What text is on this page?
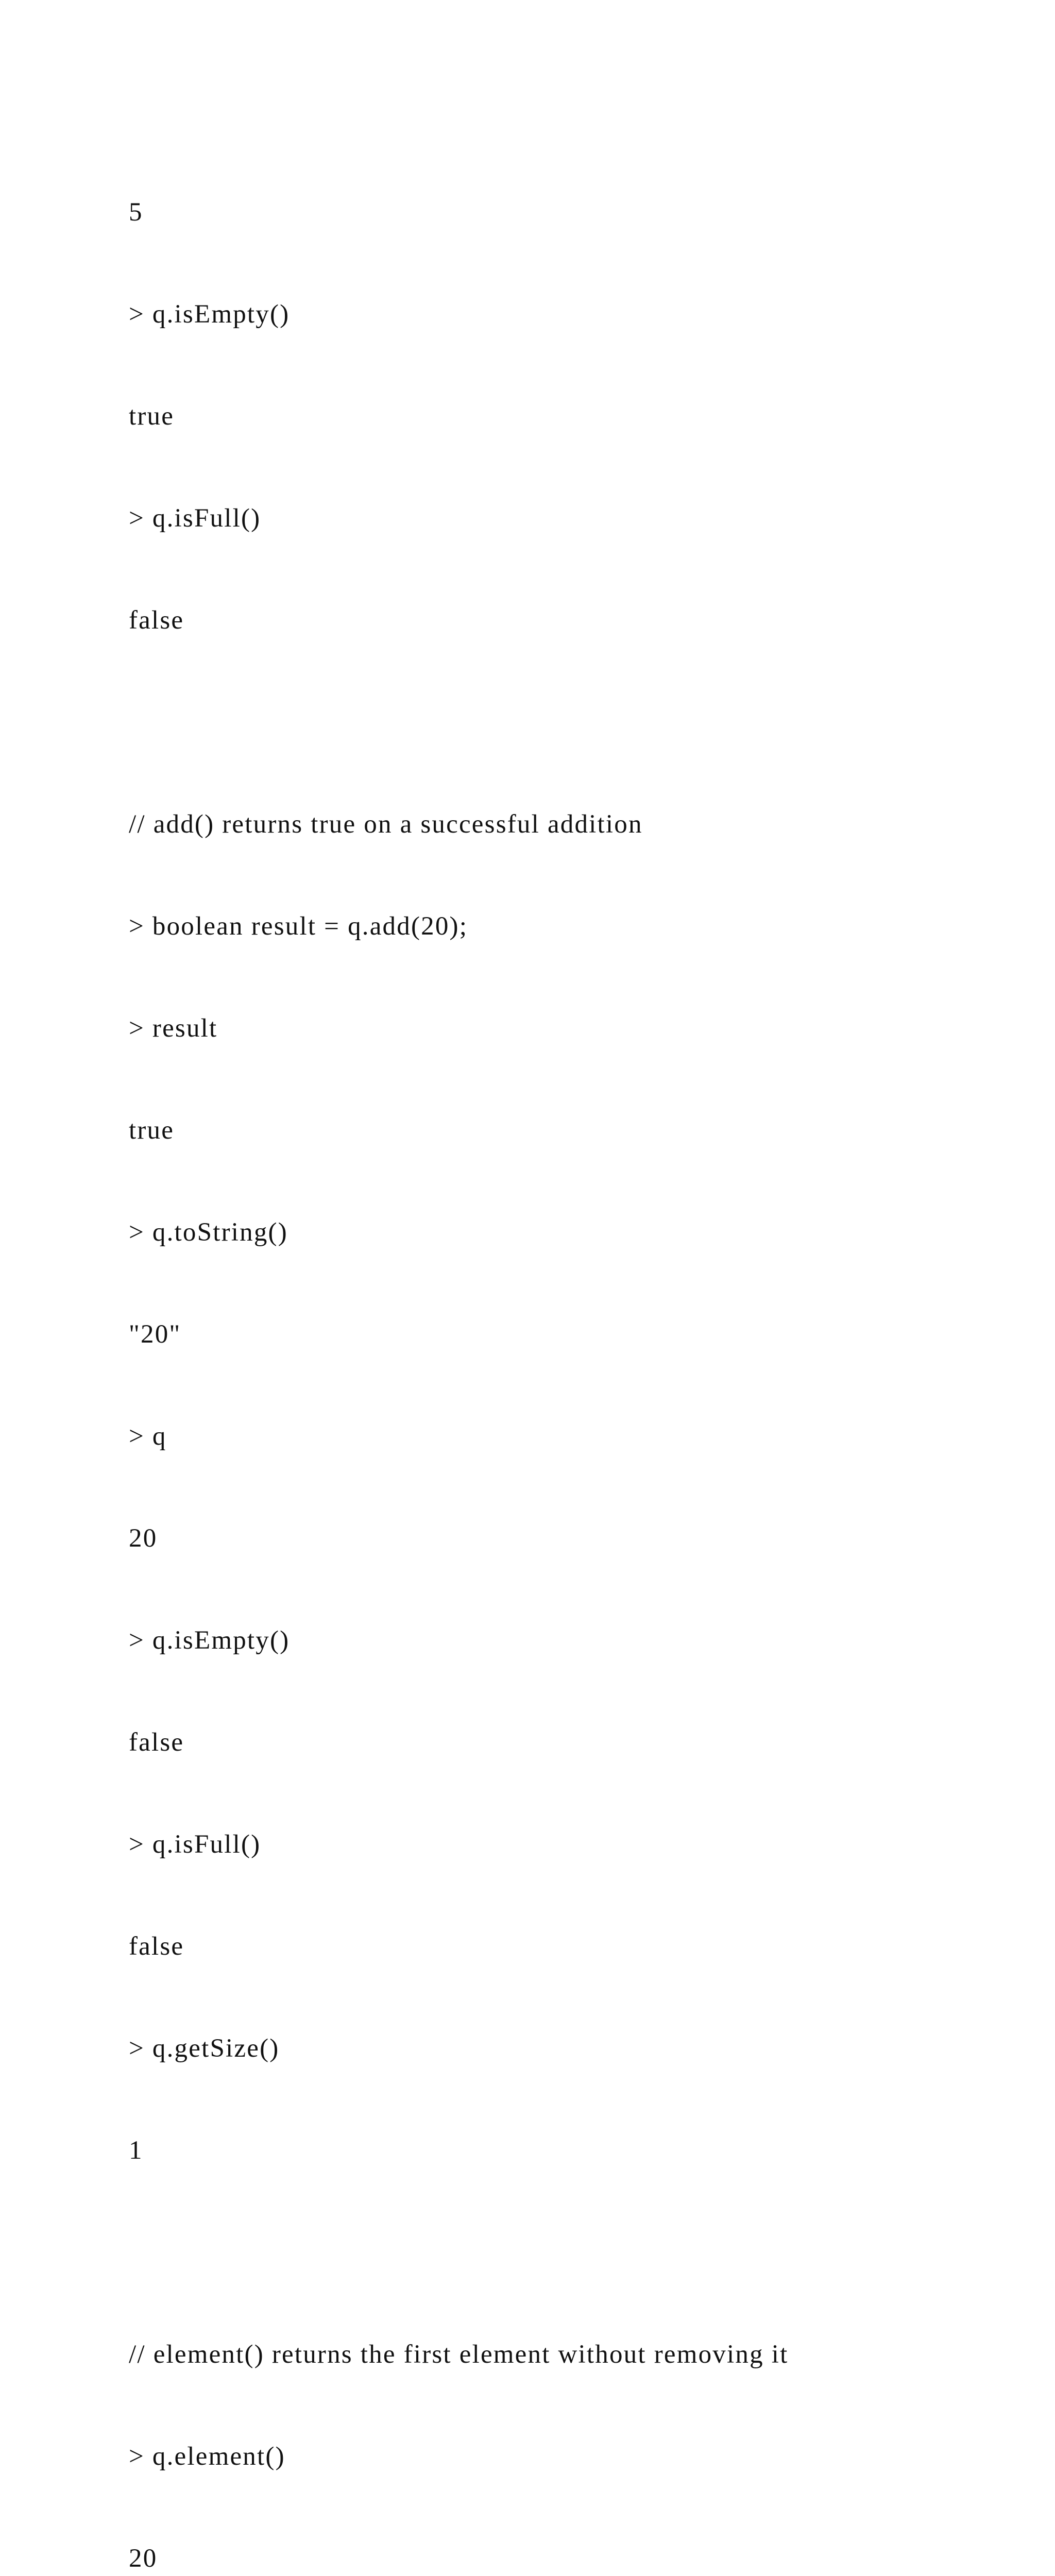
5

> q.isEmpty()

true

> q.isFull()

false

// add() returns true on a successful addition

> boolean result = q.add(20);

> result

true

> q.toString()

"20"

> q

20

> q.isEmpty()

false

> q.isFull()

false

> q.getSize()

1

// element() returns the first element without removing it

> q.element()

20
